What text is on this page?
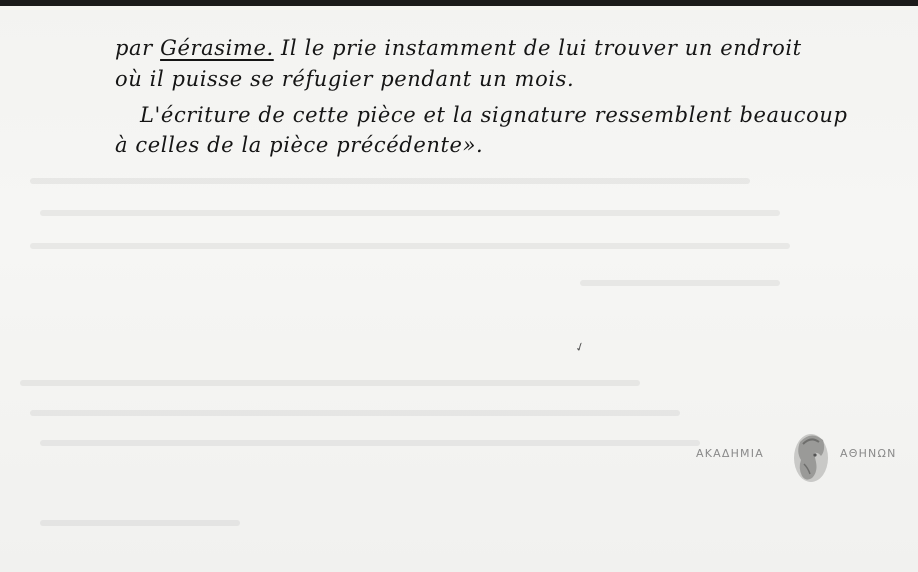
par Gérasime. Il le prie instamment de lui trouver un endroit
où il puisse se réfugier pendant un mois.
L'écriture de cette pièce et la signature ressemblent beaucoup
à celles de la pièce précédente».
✓
ΑΚΑΔΗΜΙΑ	ΑΘΗΝΩΝ
